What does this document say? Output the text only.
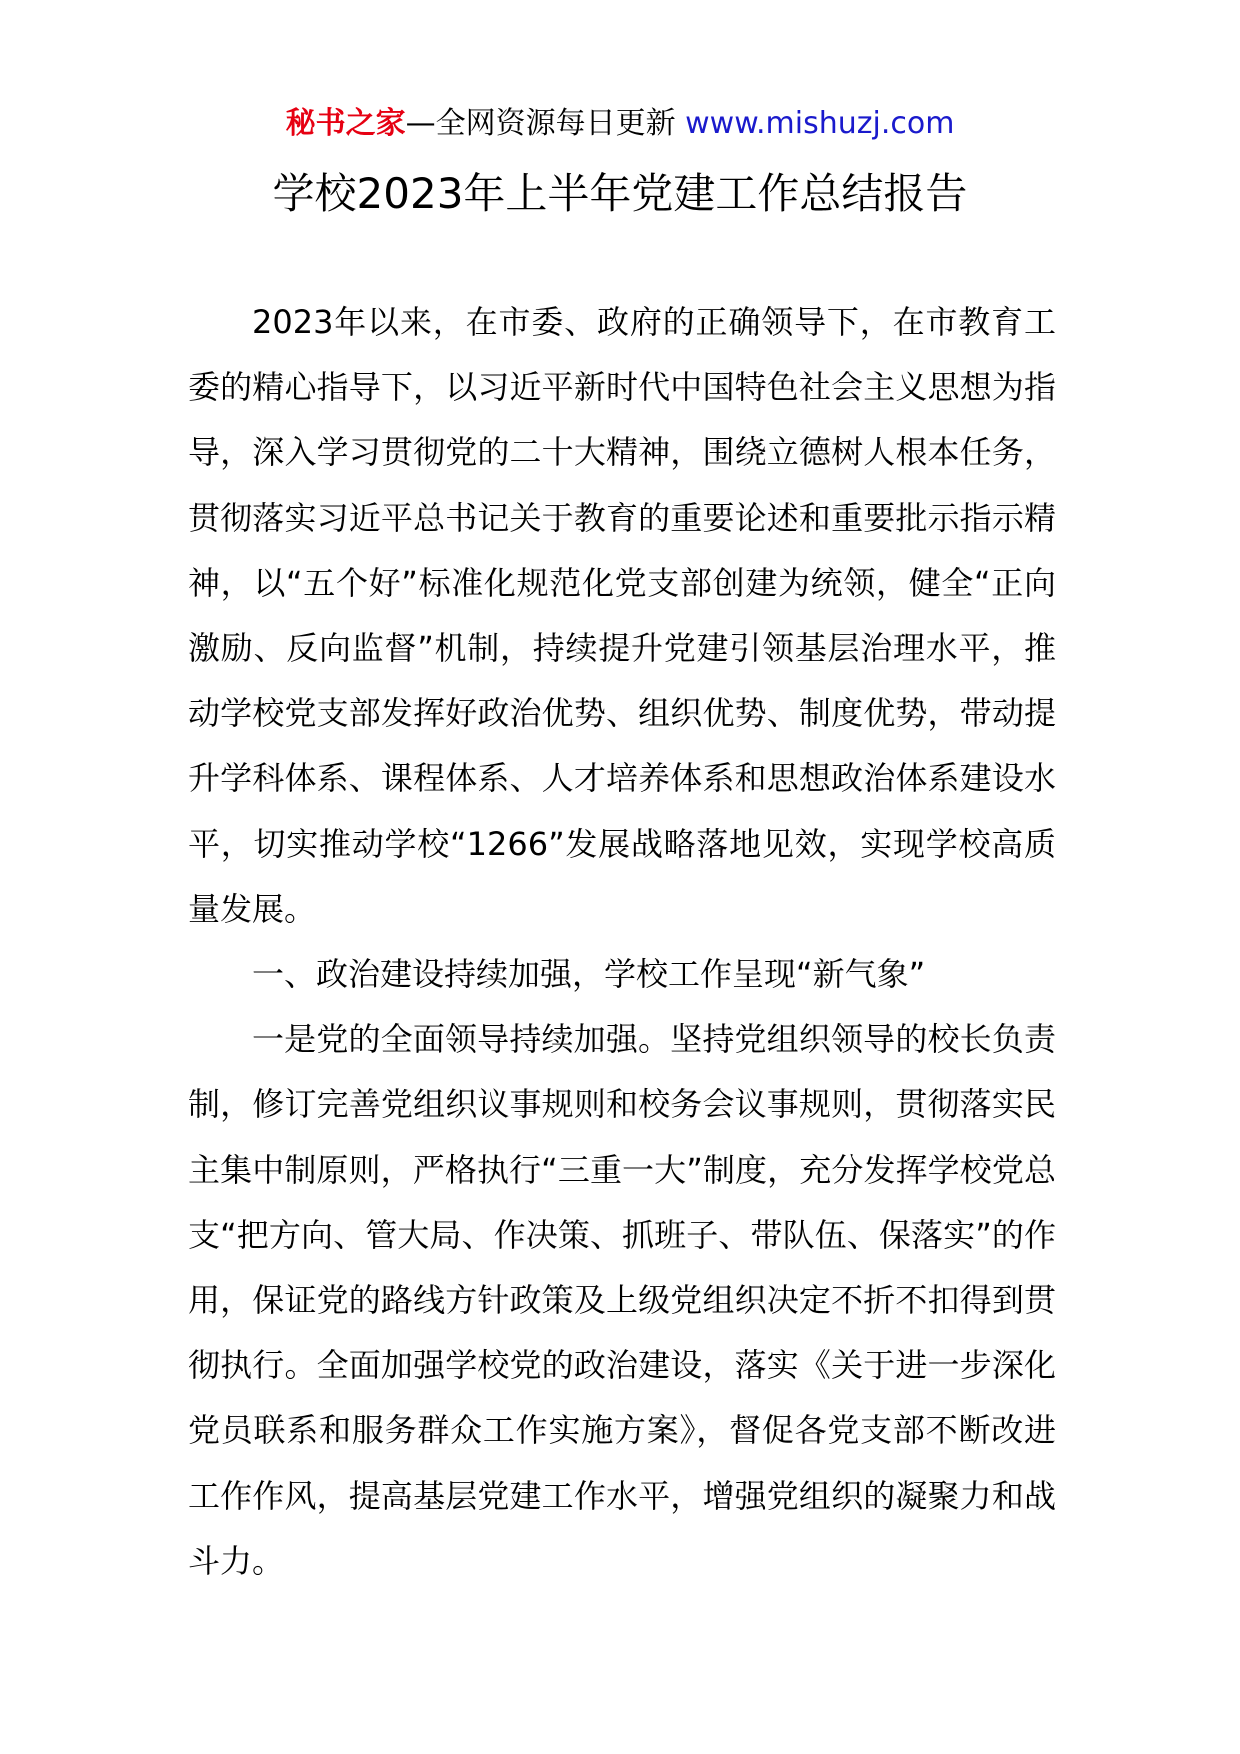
秘书之家—全网资源每日更新 www.mishuzj.com
学校2023年上半年党建工作总结报告

2023年以来，在市委、政府的正确领导下，在市教育工委的精心指导下，以习近平新时代中国特色社会主义思想为指导，深入学习贯彻党的二十大精神，围绕立德树人根本任务，贯彻落实习近平总书记关于教育的重要论述和重要批示指示精神，以“五个好”标准化规范化党支部创建为统领，健全“正向激励、反向监督”机制，持续提升党建引领基层治理水平，推动学校党支部发挥好政治优势、组织优势、制度优势，带动提升学科体系、课程体系、人才培养体系和思想政治体系建设水平，切实推动学校“1266”发展战略落地见效，实现学校高质量发展。

一、政治建设持续加强，学校工作呈现“新气象”

一是党的全面领导持续加强。坚持党组织领导的校长负责制，修订完善党组织议事规则和校务会议事规则，贯彻落实民主集中制原则，严格执行“三重一大”制度，充分发挥学校党总支“把方向、管大局、作决策、抓班子、带队伍、保落实”的作用，保证党的路线方针政策及上级党组织决定不折不扣得到贯彻执行。全面加强学校党的政治建设，落实《关于进一步深化党员联系和服务群众工作实施方案》，督促各党支部不断改进工作作风，提高基层党建工作水平，增强党组织的凝聚力和战斗力。
